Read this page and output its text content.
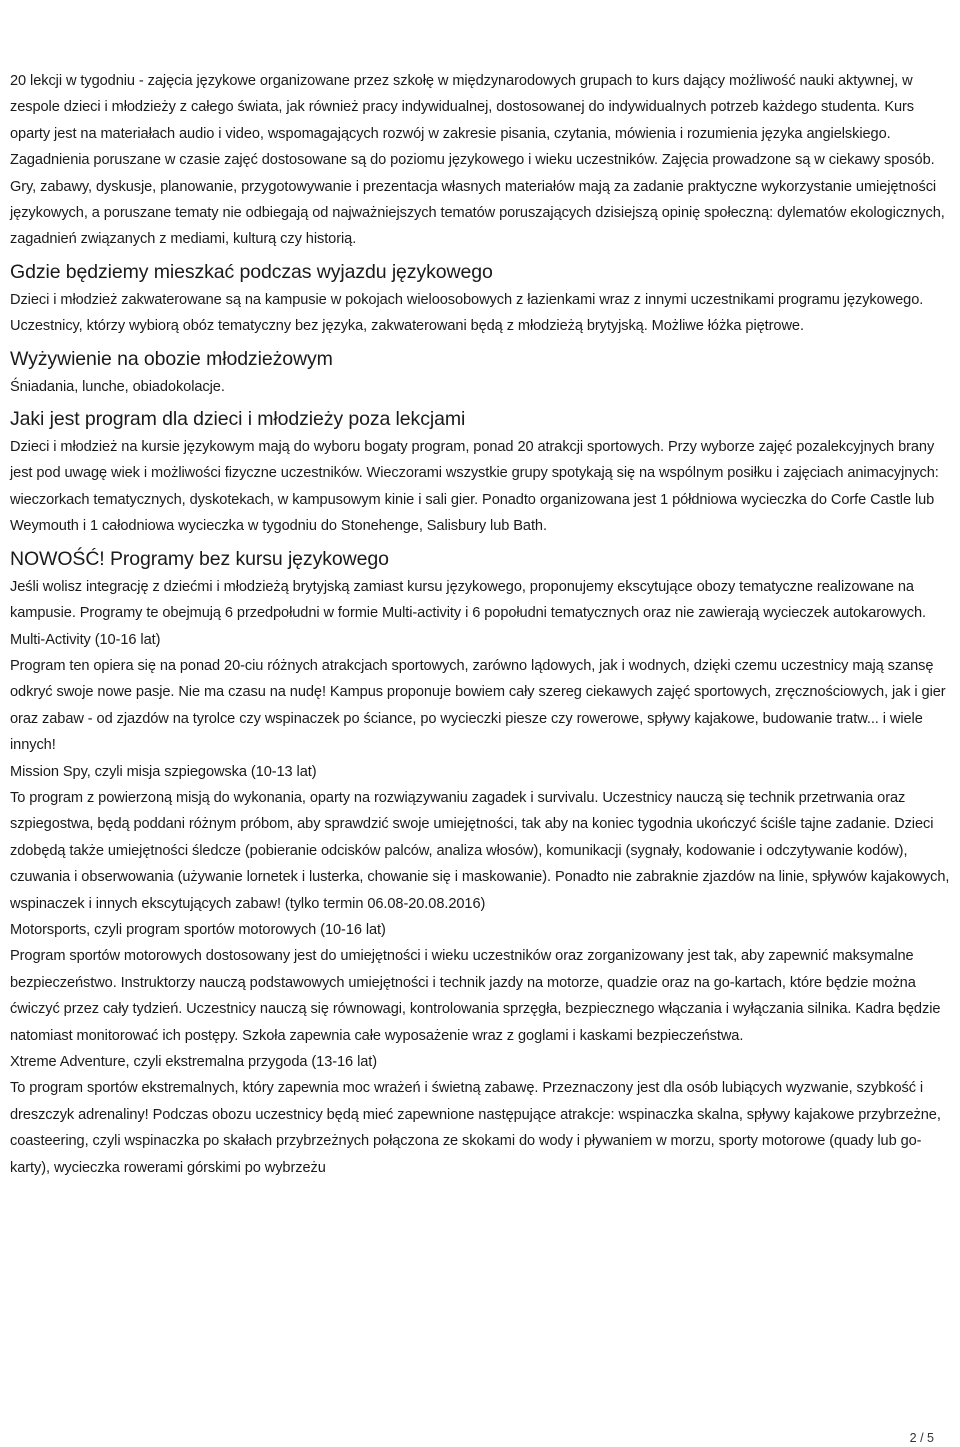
20 lekcji w tygodniu - zajęcia językowe organizowane przez szkołę w międzynarodowych grupach to kurs dający możliwość nauki aktywnej, w zespole dzieci i młodzieży z całego świata, jak również pracy indywidualnej, dostosowanej do indywidualnych potrzeb każdego studenta. Kurs oparty jest na materiałach audio i video, wspomagających rozwój w zakresie pisania, czytania, mówienia i rozumienia języka angielskiego. Zagadnienia poruszane w czasie zajęć dostosowane są do poziomu językowego i wieku uczestników. Zajęcia prowadzone są w ciekawy sposób. Gry, zabawy, dyskusje, planowanie, przygotowywanie i prezentacja własnych materiałów mają za zadanie praktyczne wykorzystanie umiejętności językowych, a poruszane tematy nie odbiegają od najważniejszych tematów poruszających dzisiejszą opinię społeczną: dylematów ekologicznych, zagadnień związanych z mediami, kulturą czy historią.

Gdzie będziemy mieszkać podczas wyjazdu językowego

Dzieci i młodzież zakwaterowane są na kampusie w pokojach wieloosobowych z łazienkami wraz z innymi uczestnikami programu językowego. Uczestnicy, którzy wybiorą obóz tematyczny bez języka, zakwaterowani będą z młodzieżą brytyjską. Możliwe łóżka piętrowe.

Wyżywienie na obozie młodzieżowym

Śniadania, lunche, obiadokolacje.

Jaki jest program dla dzieci i młodzieży poza lekcjami

Dzieci i młodzież na kursie językowym mają do wyboru bogaty program, ponad 20 atrakcji sportowych. Przy wyborze zajęć pozalekcyjnych brany jest pod uwagę wiek i możliwości fizyczne uczestników. Wieczorami wszystkie grupy spotykają się na wspólnym posiłku i zajęciach animacyjnych: wieczorkach tematycznych, dyskotekach, w kampusowym kinie i sali gier. Ponadto organizowana jest 1 półdniowa wycieczka do Corfe Castle lub Weymouth i 1 całodniowa wycieczka w tygodniu do Stonehenge, Salisbury lub Bath.

NOWOŚĆ! Programy bez kursu językowego

Jeśli wolisz integrację z dziećmi i młodzieżą brytyjską zamiast kursu językowego, proponujemy ekscytujące obozy tematyczne realizowane na kampusie. Programy te obejmują 6 przedpołudni w formie Multi-activity i 6 popołudni tematycznych oraz nie zawierają wycieczek autokarowych.

Multi-Activity (10-16 lat)

Program ten opiera się na ponad 20-ciu różnych atrakcjach sportowych, zarówno lądowych, jak i wodnych, dzięki czemu uczestnicy mają szansę odkryć swoje nowe pasje. Nie ma czasu na nudę! Kampus proponuje bowiem cały szereg ciekawych zajęć sportowych, zręcznościowych, jak i gier oraz zabaw - od zjazdów na tyrolce czy wspinaczek po ściance, po wycieczki piesze czy rowerowe, spływy kajakowe, budowanie tratw... i wiele innych!

Mission Spy, czyli misja szpiegowska (10-13 lat)

To program z powierzoną misją do wykonania, oparty na rozwiązywaniu zagadek i survivalu. Uczestnicy nauczą się technik przetrwania oraz szpiegostwa, będą poddani różnym próbom, aby sprawdzić swoje umiejętności, tak aby na koniec tygodnia ukończyć ściśle tajne zadanie. Dzieci zdobędą także umiejętności śledcze (pobieranie odcisków palców, analiza włosów), komunikacji (sygnały, kodowanie i odczytywanie kodów), czuwania i obserwowania (używanie lornetek i lusterka, chowanie się i maskowanie). Ponadto nie zabraknie zjazdów na linie, spływów kajakowych, wspinaczek i innych ekscytujących zabaw! (tylko termin 06.08-20.08.2016)

Motorsports, czyli program sportów motorowych (10-16 lat)

Program sportów motorowych dostosowany jest do umiejętności i wieku uczestników oraz zorganizowany jest tak, aby zapewnić maksymalne bezpieczeństwo. Instruktorzy nauczą podstawowych umiejętności i technik jazdy na motorze, quadzie oraz na go-kartach, które będzie można ćwiczyć przez cały tydzień. Uczestnicy nauczą się równowagi, kontrolowania sprzęgła, bezpiecznego włączania i wyłączania silnika. Kadra będzie natomiast monitorować ich postępy. Szkoła zapewnia całe wyposażenie wraz z goglami i kaskami bezpieczeństwa.

Xtreme Adventure, czyli ekstremalna przygoda (13-16 lat)

To program sportów ekstremalnych, który zapewnia moc wrażeń i świetną zabawę. Przeznaczony jest dla osób lubiących wyzwanie, szybkość i dreszczyk adrenaliny! Podczas obozu uczestnicy będą mieć zapewnione następujące atrakcje: wspinaczka skalna, spływy kajakowe przybrzeżne, coasteering, czyli wspinaczka po skałach przybrzeżnych połączona ze skokami do wody i pływaniem w morzu, sporty motorowe (quady lub go-karty), wycieczka rowerami górskimi po wybrzeżu

2 / 5
